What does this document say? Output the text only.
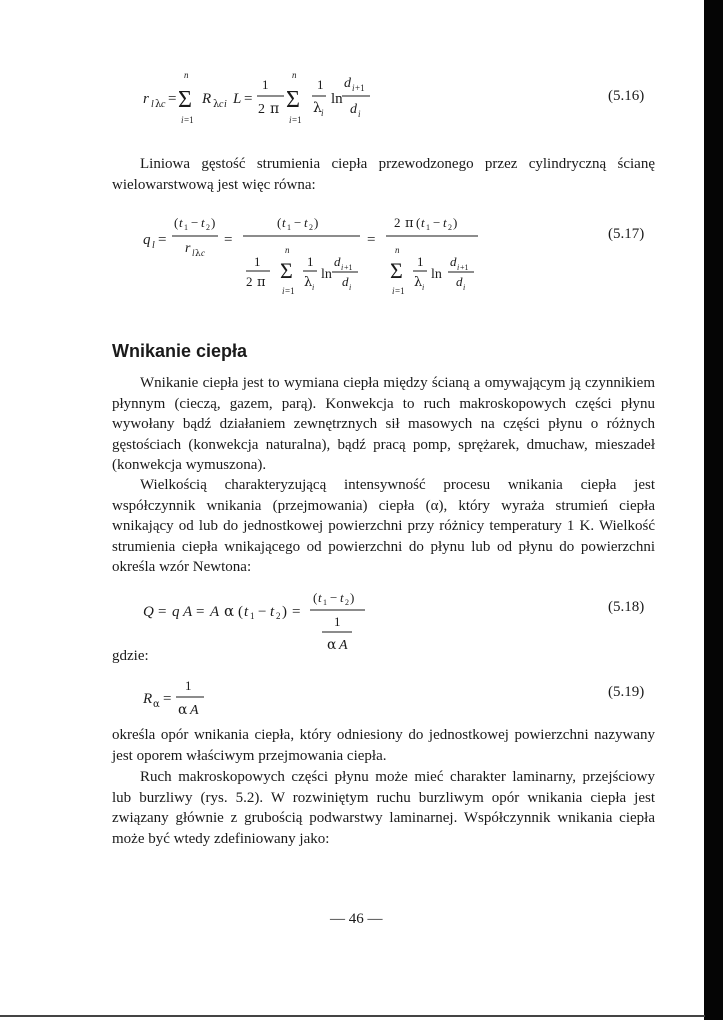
r l λ c =
n
Σ
i =1
R λ c i L =
1
2 π
n
Σ
i =1
1
λ i
ln
d i +1
d i
(5.16)

Liniowa gęstość strumienia ciepła przewodzonego przez cylindryczną ścianę wielowarstwową jest więc równa:

q l =
( t 1 − t 2 )
r l λ c
=
( t 1 − t 2 )
1
2 π
n
Σ
i =1
1
λ i
ln
d i +1
d i
=
2 π ( t 1 − t 2 )
n
Σ
i =1
1
λ i
ln
d i +1
d i
(5.17)
Wnikanie ciepła

Wnikanie ciepła jest to wymiana ciepła między ścianą a omywającym ją czynnikiem płynnym (cieczą, gazem, parą). Konwekcja to ruch makroskopowych części płynu wywołany bądź działaniem zewnętrznych sił masowych na części płynu o różnych gęstościach (konwekcja naturalna), bądź pracą pomp, sprężarek, dmuchaw, mieszadeł (konwekcja wymuszona).

Wielkością charakteryzującą intensywność procesu wnikania ciepła jest współczynnik wnikania (przejmowania) ciepła (α), który wyraża strumień ciepła wnikający od lub do jednostkowej powierzchni przy różnicy temperatury 1 K. Wielkość strumienia ciepła wnikającego od powierzchni do płynu lub od płynu do powierzchni określa wzór Newtona:

Q = q A = A α ( t 1 − t 2 ) =
( t 1 − t 2 )
1
α A
(5.18)
gdzie:
R α =
1
α A
(5.19)

określa opór wnikania ciepła, który odniesiony do jednostkowej powierzchni nazywany jest oporem właściwym przejmowania ciepła.

Ruch makroskopowych części płynu może mieć charakter laminarny, przejściowy lub burzliwy (rys. 5.2). W rozwiniętym ruchu burzliwym opór wnikania ciepła jest związany głównie z grubością podwarstwy laminarnej. Współczynnik wnikania ciepła może być wtedy zdefiniowany jako:

— 46 —
